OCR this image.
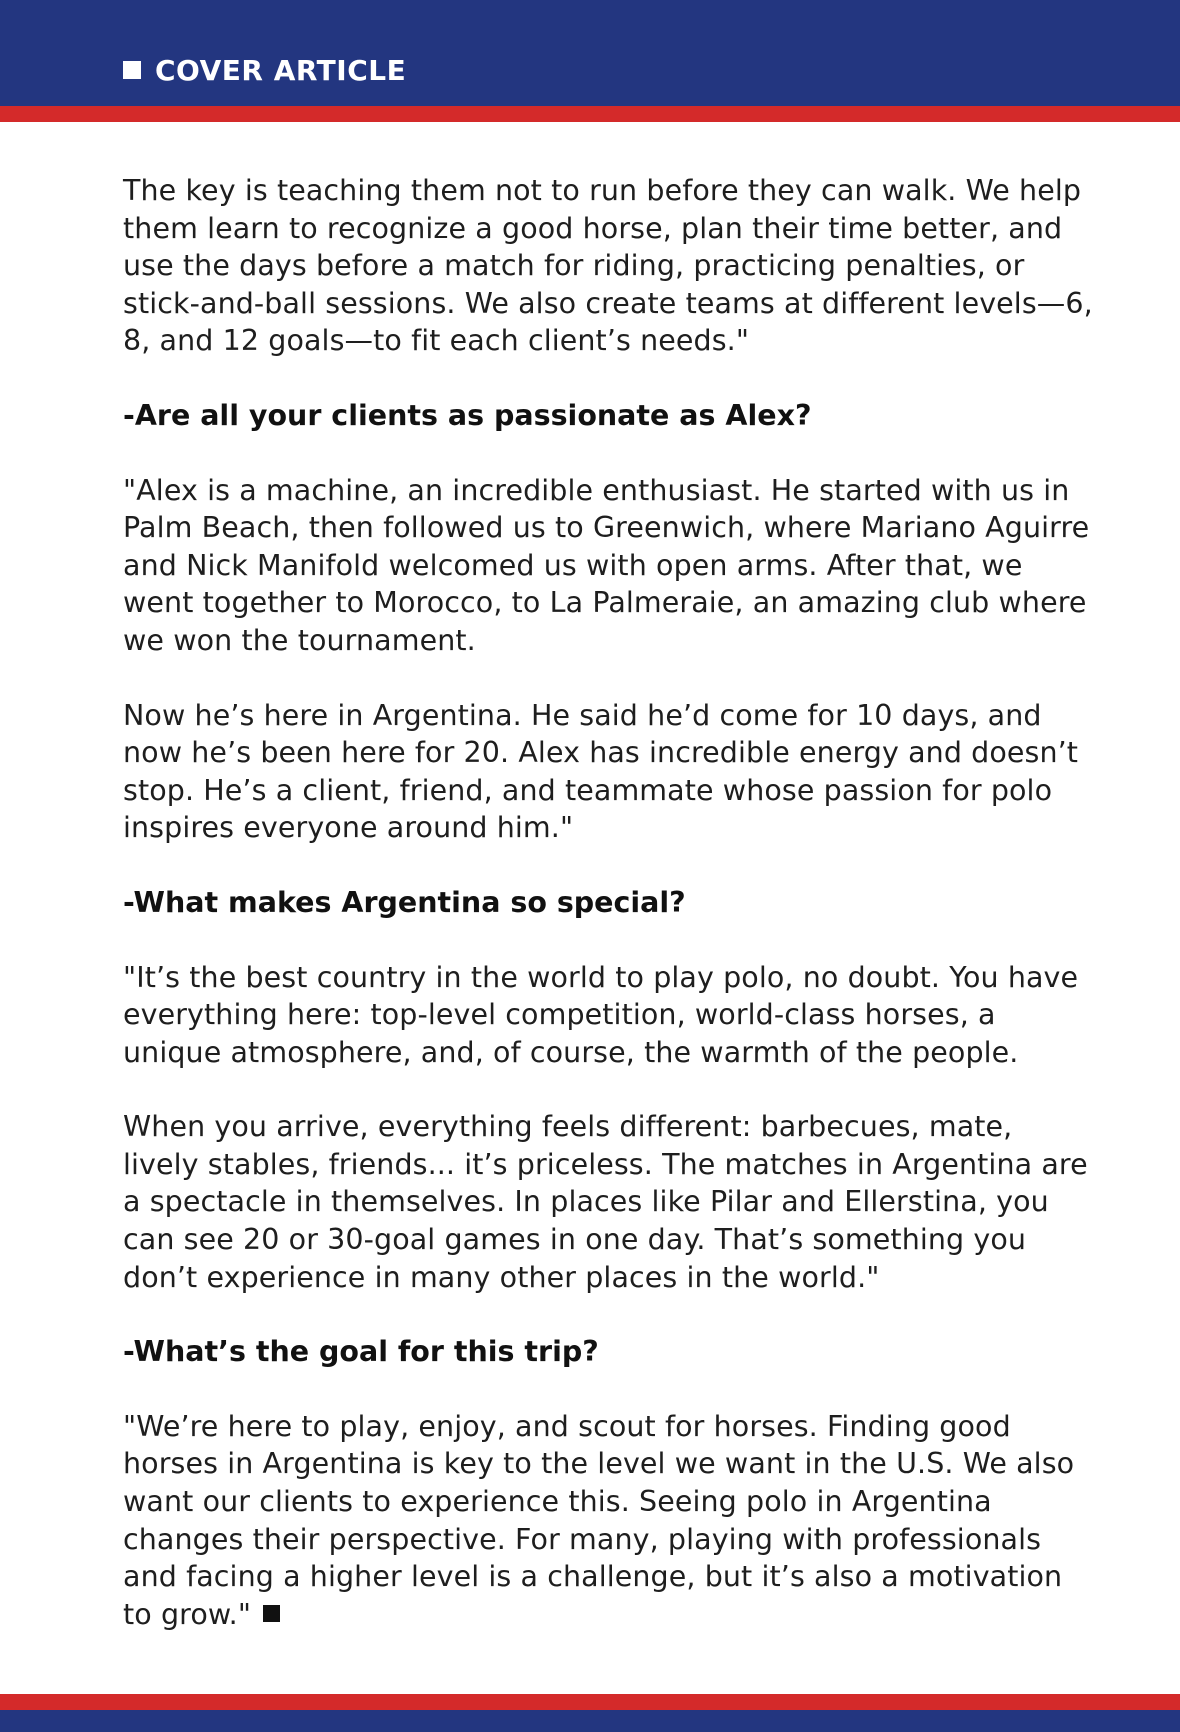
COVER ARTICLE

The key is teaching them not to run before they can walk. We help them learn to recognize a good horse, plan their time better, and use the days before a match for riding, practicing penalties, or stick-and-ball sessions. We also create teams at different levels—6, 8, and 12 goals—to fit each client’s needs."

-Are all your clients as passionate as Alex?

"Alex is a machine, an incredible enthusiast. He started with us in Palm Beach, then followed us to Greenwich, where Mariano Aguirre and Nick Manifold welcomed us with open arms. After that, we went together to Morocco, to La Palmeraie, an amazing club where we won the tournament.

Now he’s here in Argentina. He said he’d come for 10 days, and now he’s been here for 20. Alex has incredible energy and doesn’t stop. He’s a client, friend, and teammate whose passion for polo inspires everyone around him."

-What makes Argentina so special?

"It’s the best country in the world to play polo, no doubt. You have everything here: top-level competition, world-class horses, a unique atmosphere, and, of course, the warmth of the people.

When you arrive, everything feels different: barbecues, mate, lively stables, friends... it’s priceless. The matches in Argentina are a spectacle in themselves. In places like Pilar and Ellerstina, you can see 20 or 30-goal games in one day. That’s something you don’t experience in many other places in the world."

-What’s the goal for this trip?

"We’re here to play, enjoy, and scout for horses. Finding good horses in Argentina is key to the level we want in the U.S. We also want our clients to experience this. Seeing polo in Argentina changes their perspective. For many, playing with professionals and facing a higher level is a challenge, but it’s also a motivation to grow."
